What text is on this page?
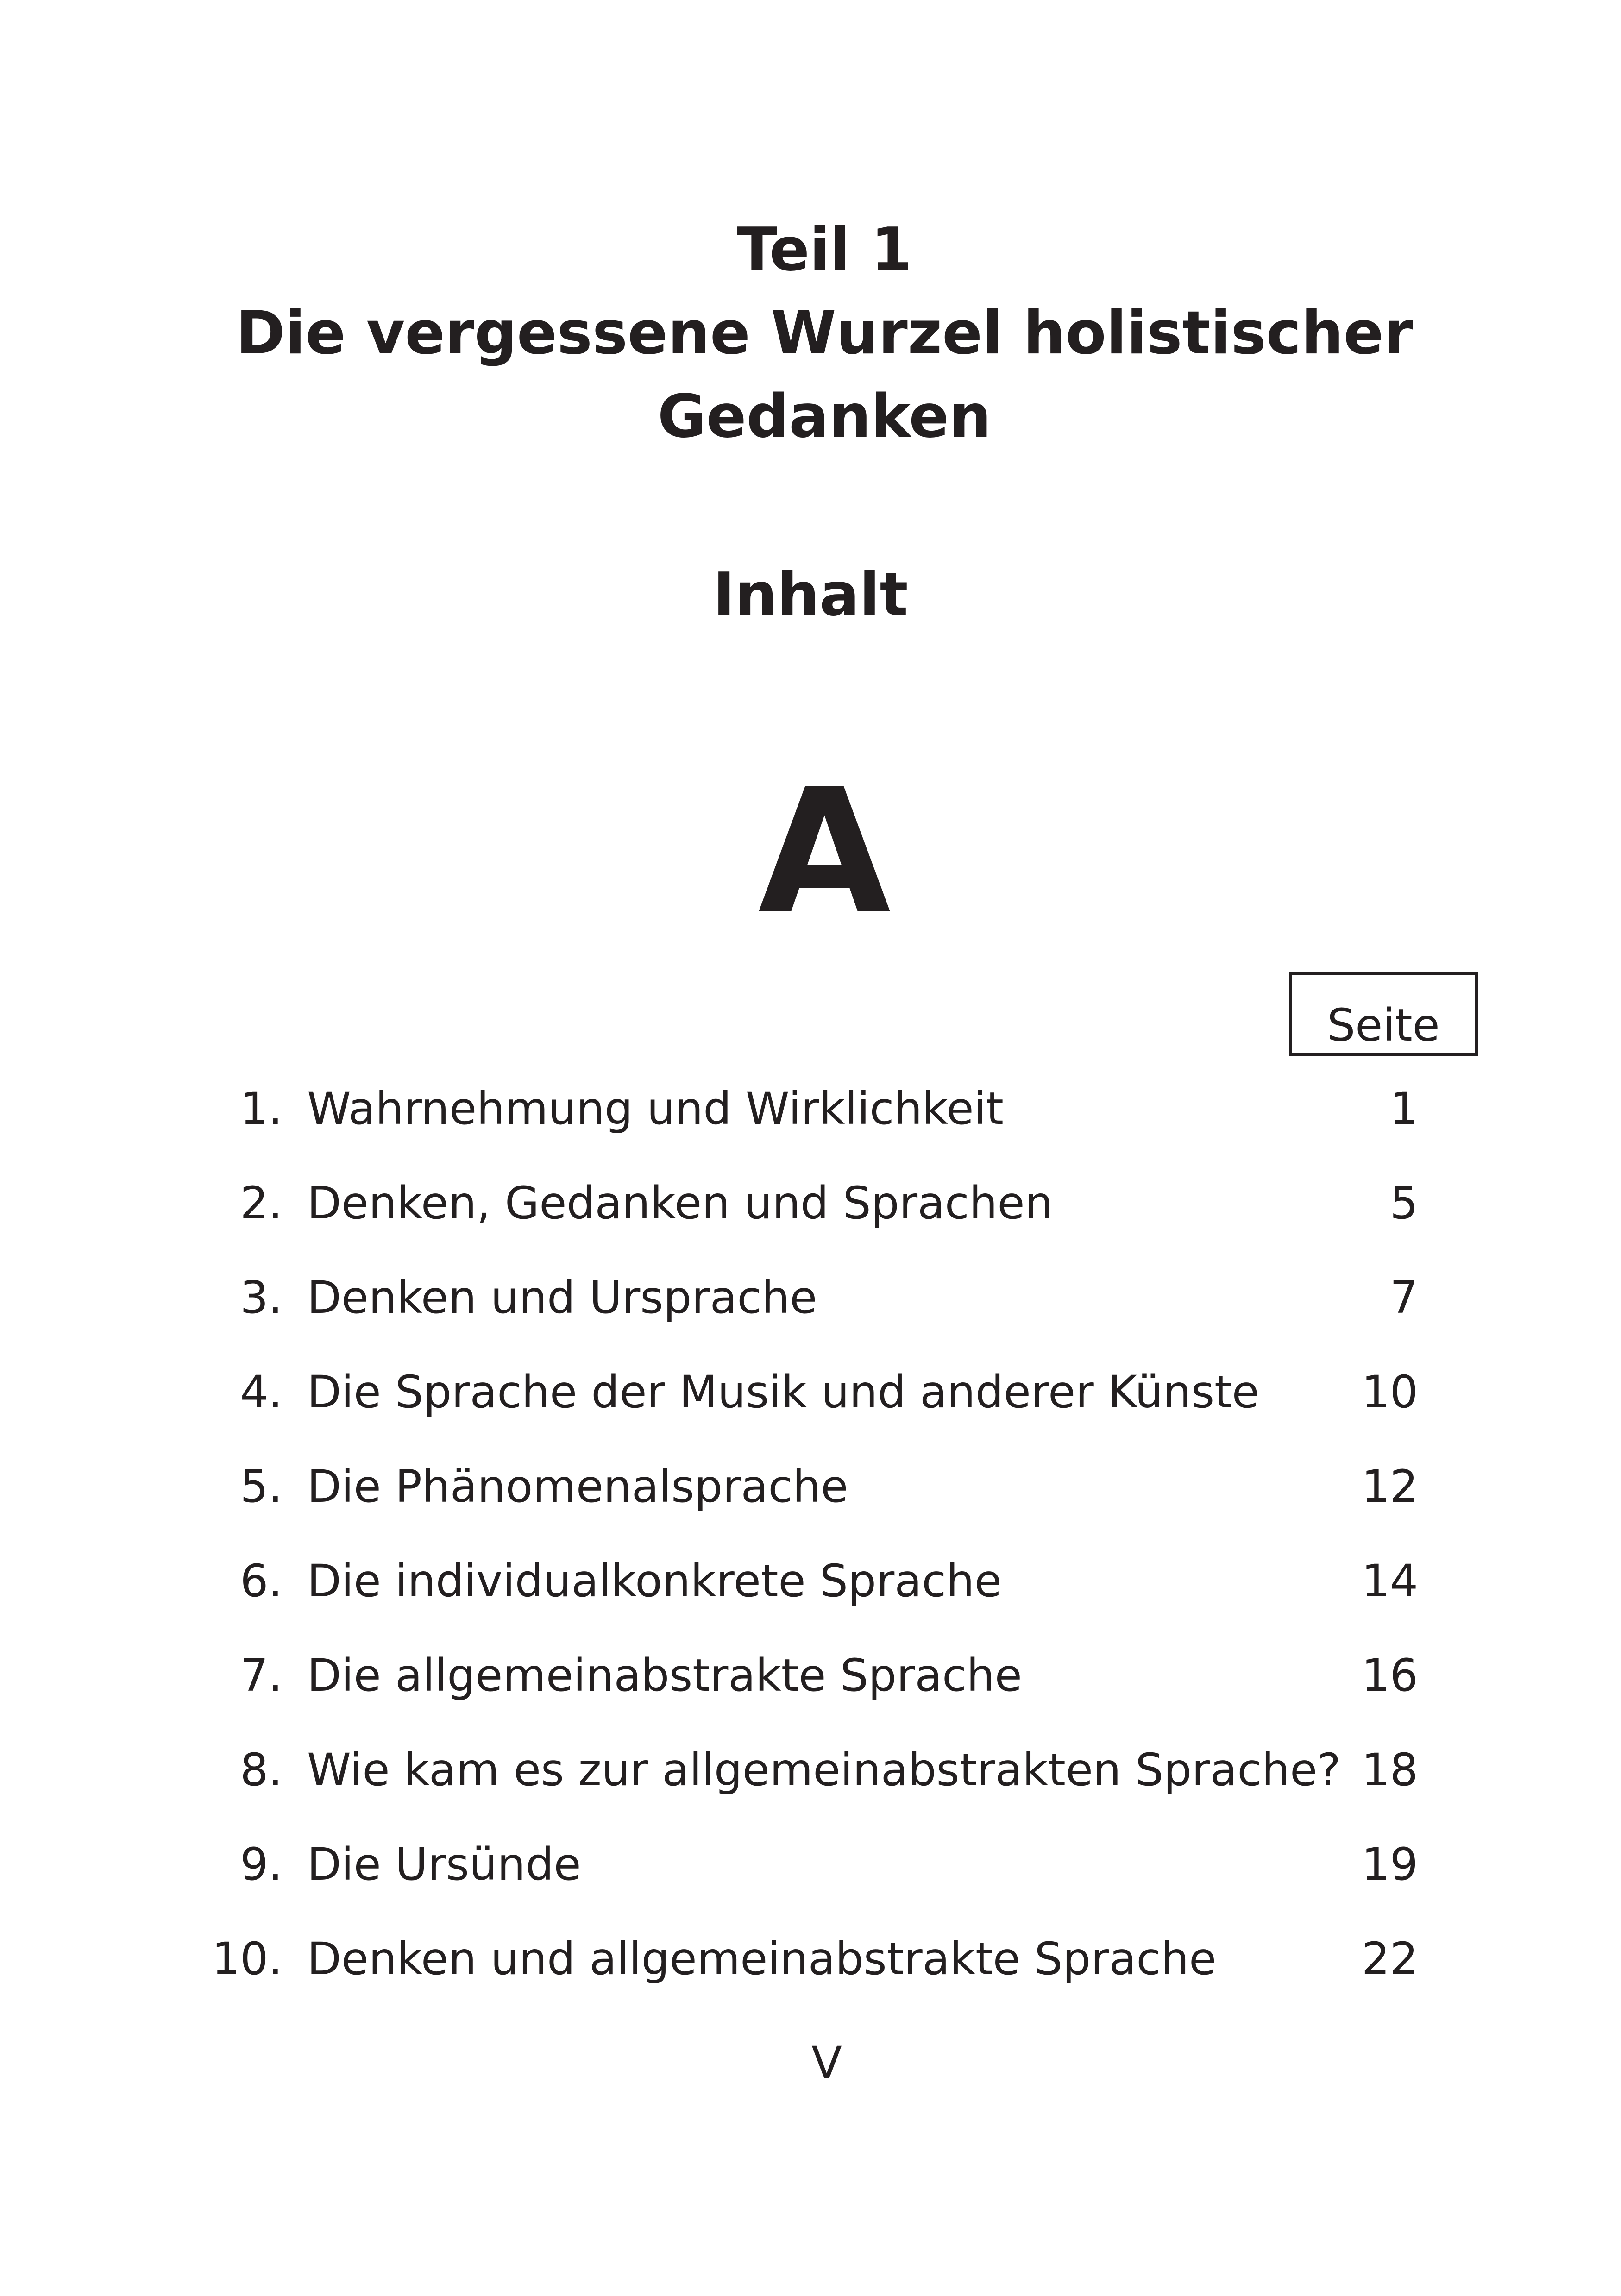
Teil 1
Die vergessene Wurzel holistischer
Gedanken
Inhalt
A
Seite
1. Wahrnehmung und Wirklichkeit	1
2. Denken, Gedanken und Sprachen	5
3. Denken und Ursprache	7
4. Die Sprache der Musik und anderer Künste 10
5. Die Phänomenalsprache	12
6. Die individualkonkrete Sprache	14
7. Die allgemeinabstrakte Sprache	16
8. Wie kam es zur allgemeinabstrakten Sprache? 18
9. Die Ursünde	19
10. Denken und allgemeinabstrakte Sprache	22
V
